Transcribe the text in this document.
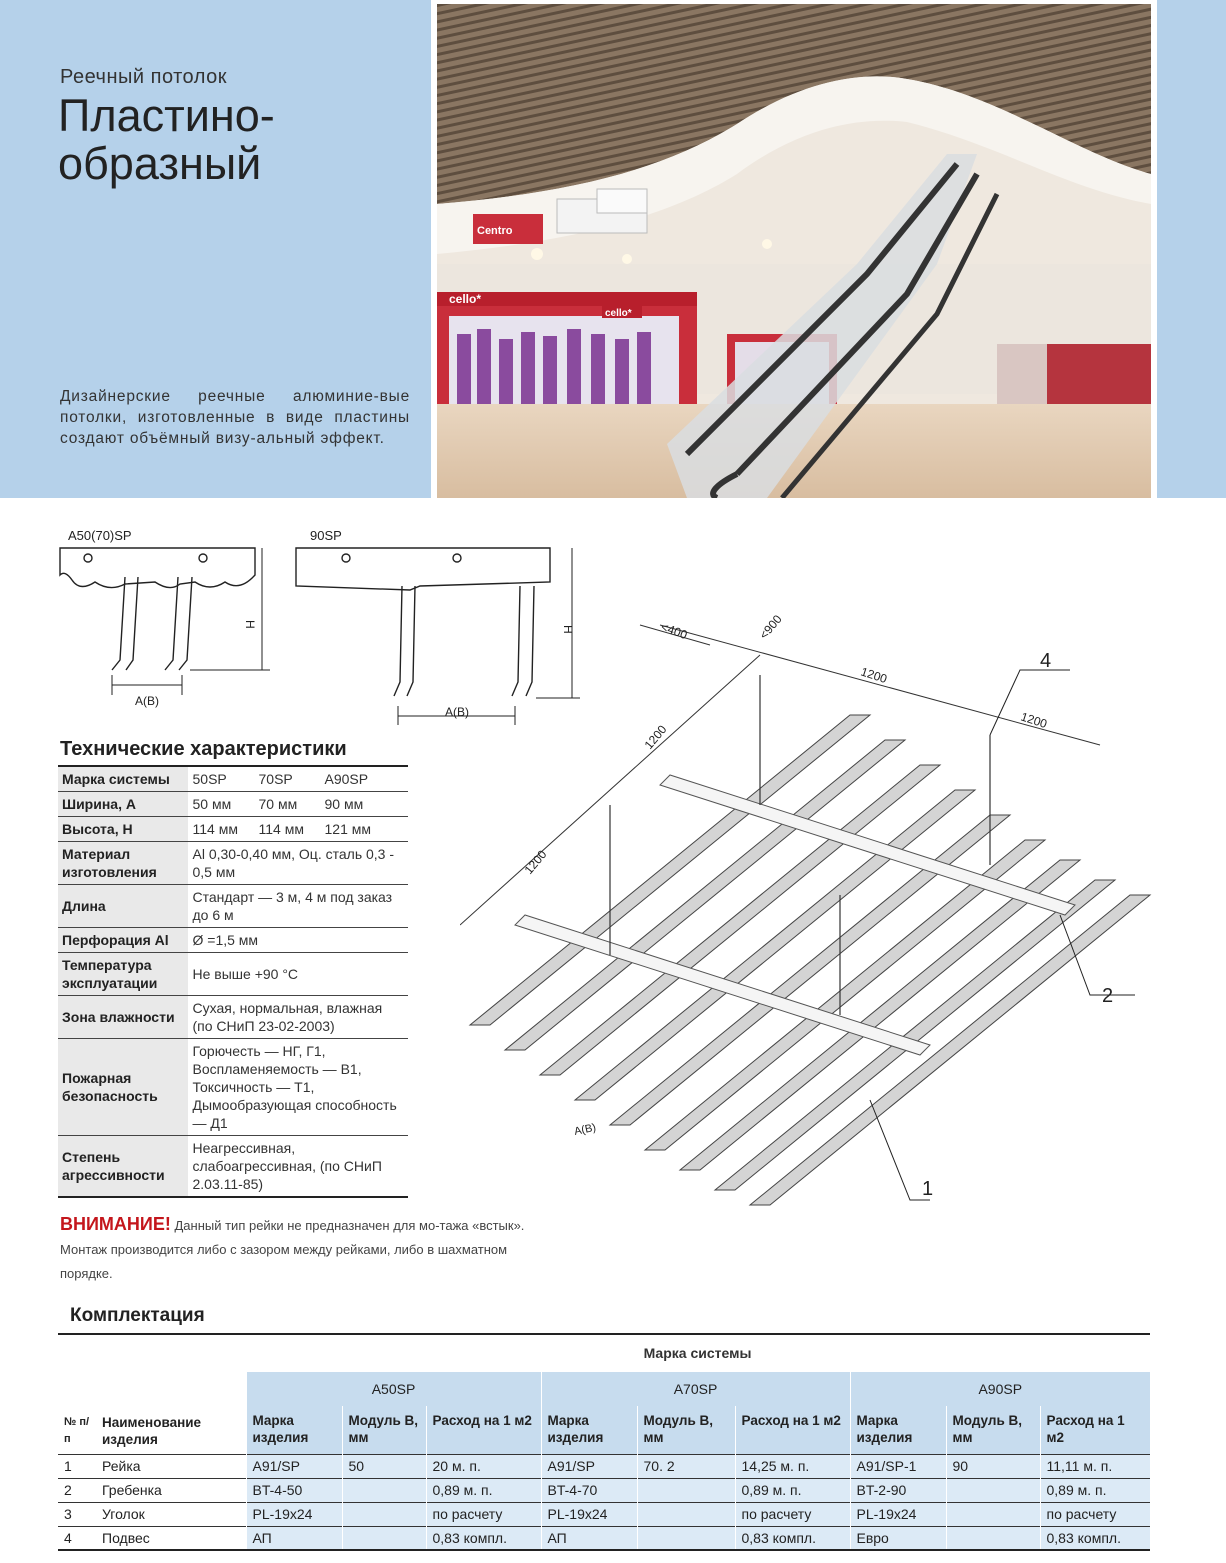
Реечный потолок
Пластино-
образный
Дизайнерские реечные алюминие-вые потолки, изготовленные в виде пластины создают объёмный визу-альный эффект.
cello*
cello*
Centro
A50(70)SP
H
A(B)
90SP
H
A(B)
<400	<900
1200
1200
1200
1200
4
2
1
A(B)
Технические характеристики
Марка системы	50SP 70SP A90SP
Ширина, А	50 мм 70 мм 90 мм
Высота, H	114 мм 114 мм 121 мм
Материал изготовления	Al 0,30-0,40 мм, Оц. сталь 0,3 - 0,5 мм
Длина	Стандарт — 3 м, 4 м под заказ до 6 м
Перфорация Al	Ø =1,5 мм
Температура эксплуатации	Не выше +90 °С
Зона влажности	Сухая, нормальная, влажная (по СНиП 23-02-2003)
Пожарная безопасность	Горючесть — НГ, Г1, Воспламеняемость — В1, Токсичность — Т1, Дымообразующая способность — Д1
Степень агрессивности	Неагрессивная, слабоагрессивная, (по СНиП 2.03.11-85)
ВНИМАНИЕ! Данный тип рейки не предназначен для мо-тажа «встык». Монтаж производится либо с зазором между рейками, либо в шахматном порядке.
Комплектация
Марка системы
		A50SP			A70SP			A90SP		
№ п/п	Наименование изделия	Марка изделия	Модуль B, мм	Расход на 1 м2	Марка изделия	Модуль В, мм	Расход на 1 м2	Марка изделия	Модуль B, мм	Расход на 1 м2
1	Рейка	A91/SP	50	20 м. п.	A91/SP	70. 2	14,25 м. п.	A91/SP-1	90	11,11 м. п.
2	Гребенка	BT-4-50		0,89 м. п.	BT-4-70		0,89 м. п.	BT-2-90		0,89 м. п.
3	Уголок	PL-19x24		по расчету	PL-19x24		по расчету	PL-19x24		по расчету
4	Подвес	АП		0,83 компл.	АП		0,83 компл.	Евро		0,83 компл.
